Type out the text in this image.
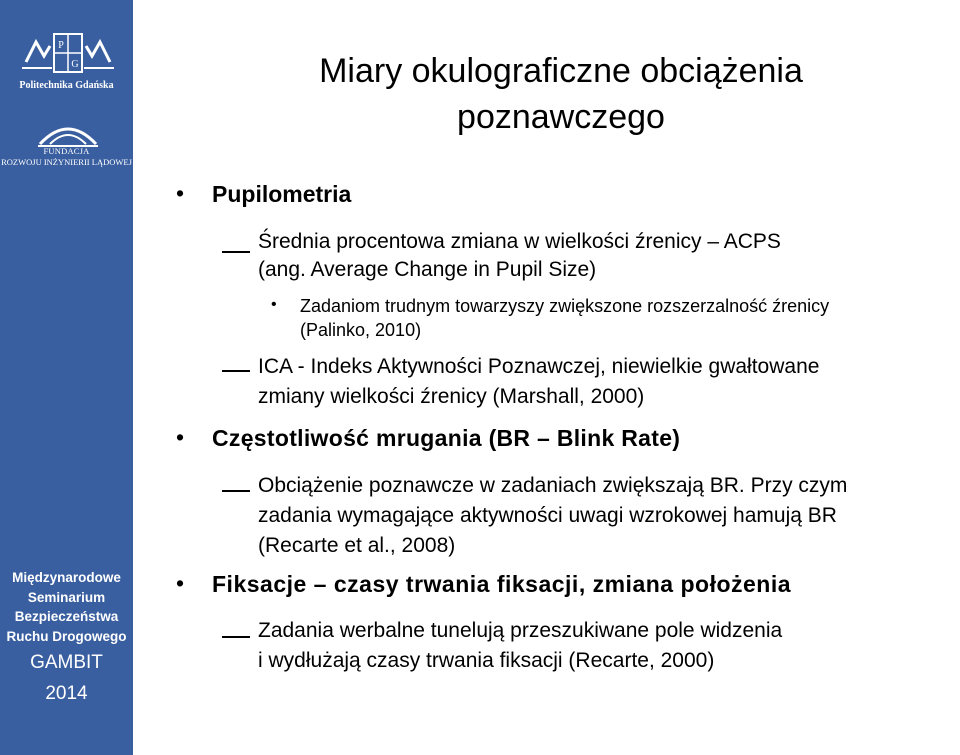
P
G
Politechnika Gdańska
FUNDACJA
ROZWOJU INŻYNIERII LĄDOWEJ
Międzynarodowe
Seminarium
Bezpieczeństwa
Ruchu Drogowego
GAMBIT
2014
Miary okulograficzne obciążenia
poznawczego
• Pupilometria
Średnia procentowa zmiana w wielkości źrenicy – ACPS
(ang. Average Change in Pupil Size)
• Zadaniom trudnym towarzyszy zwiększone rozszerzalność źrenicy
(Palinko, 2010)
ICA - Indeks Aktywności Poznawczej, niewielkie gwałtowane
zmiany wielkości źrenicy (Marshall, 2000)
• Częstotliwość mrugania (BR – Blink Rate)
Obciążenie poznawcze w zadaniach zwiększają BR. Przy czym
zadania wymagające aktywności uwagi wzrokowej hamują BR
(Recarte et al., 2008)
• Fiksacje – czasy trwania fiksacji, zmiana położenia
Zadania werbalne tunelują przeszukiwane pole widzenia
i wydłużają czasy trwania fiksacji (Recarte, 2000)
